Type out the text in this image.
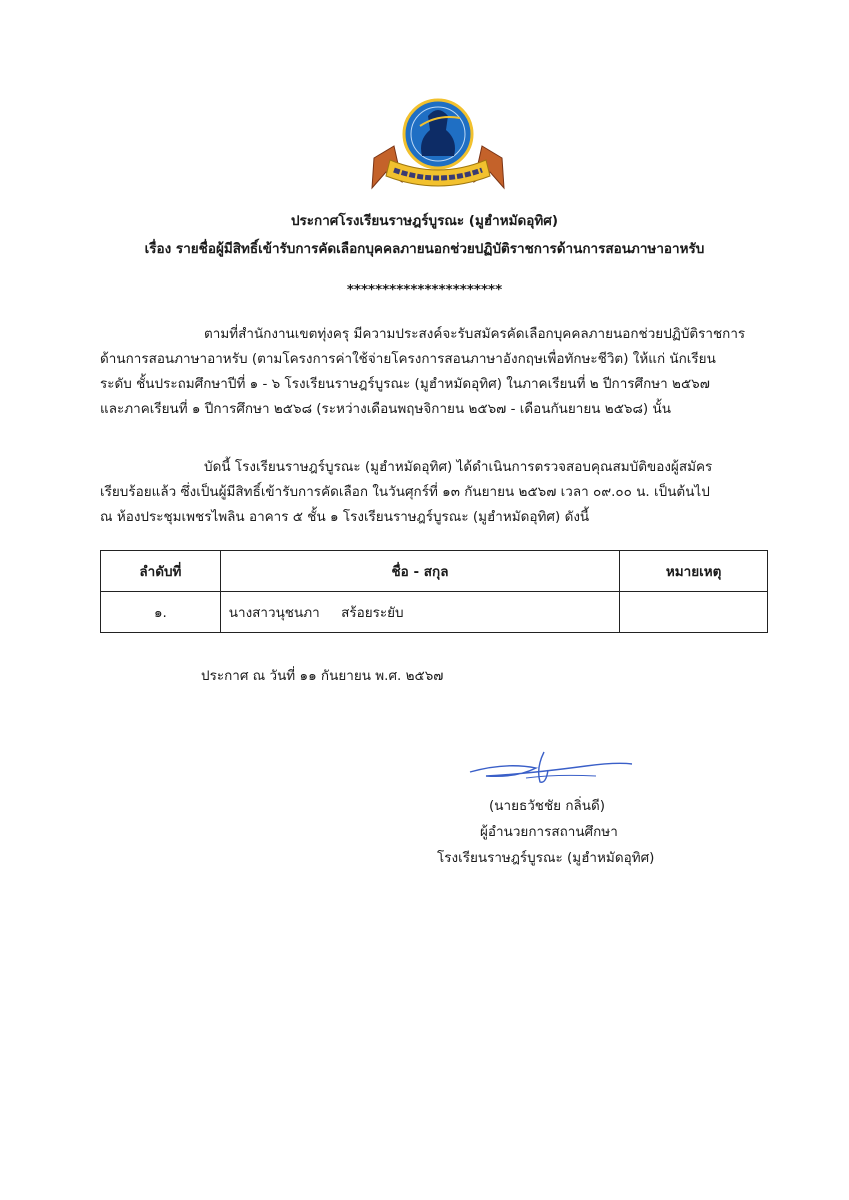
ประกาศโรงเรียนราษฎร์บูรณะ (มูฮำหมัดอุทิศ)
เรื่อง รายชื่อผู้มีสิทธิ์เข้ารับการคัดเลือกบุคคลภายนอกช่วยปฏิบัติราชการด้านการสอนภาษาอาหรับ
**********************
ตามที่สำนักงานเขตทุ่งครุ มีความประสงค์จะรับสมัครคัดเลือกบุคคลภายนอกช่วยปฏิบัติราชการ
ด้านการสอนภาษาอาหรับ (ตามโครงการค่าใช้จ่ายโครงการสอนภาษาอังกฤษเพื่อทักษะชีวิต) ให้แก่ นักเรียน
ระดับ ชั้นประถมศึกษาปีที่ ๑ - ๖ โรงเรียนราษฎร์บูรณะ (มูฮำหมัดอุทิศ) ในภาคเรียนที่ ๒ ปีการศึกษา ๒๕๖๗
และภาคเรียนที่ ๑ ปีการศึกษา ๒๕๖๘ (ระหว่างเดือนพฤษจิกายน ๒๕๖๗ - เดือนกันยายน ๒๕๖๘) นั้น
บัดนี้ โรงเรียนราษฎร์บูรณะ (มูฮำหมัดอุทิศ) ได้ดำเนินการตรวจสอบคุณสมบัติของผู้สมัคร
เรียบร้อยแล้ว ซึ่งเป็นผู้มีสิทธิ์เข้ารับการคัดเลือก ในวันศุกร์ที่ ๑๓ กันยายน ๒๕๖๗ เวลา ๐๙.๐๐ น. เป็นต้นไป
ณ ห้องประชุมเพชรไพลิน อาคาร ๕ ชั้น ๑ โรงเรียนราษฎร์บูรณะ (มูฮำหมัดอุทิศ) ดังนี้
ลำดับที่	ชื่อ - สกุล	หมายเหตุ
๑.	นางสาวนุชนภา     สร้อยระยับ	
ประกาศ ณ วันที่ ๑๑ กันยายน พ.ศ. ๒๕๖๗
(นายธวัชชัย กลิ่นดี)
ผู้อำนวยการสถานศึกษา
โรงเรียนราษฎร์บูรณะ (มูฮำหมัดอุทิศ)
